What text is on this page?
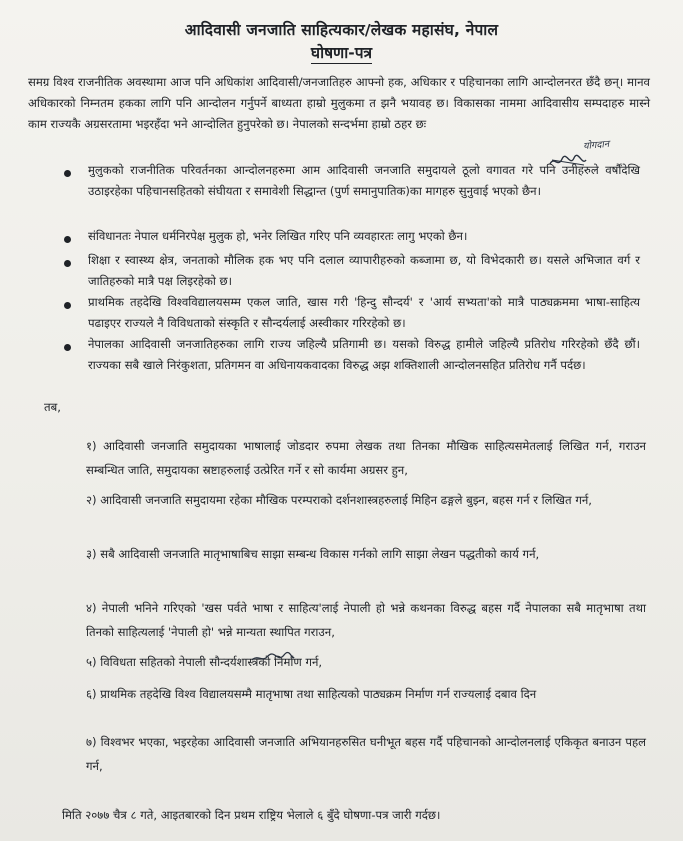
आदिवासी जनजाति साहित्यकार/लेखक महासंघ, नेपाल
घोषणा-पत्र
समग्र विश्व राजनीतिक अवस्थामा आज पनि अधिकांश आदिवासी/जनजातिहरु आफ्नो हक, अधिकार र पहिचानका लागि आन्दोलनरत छँदै छन्। मानव अधिकारको निम्नतम हकका लागि पनि आन्दोलन गर्नुपर्ने बाध्यता हाम्रो मुलुकमा त झनै भयावह छ। विकासका नाममा आदिवासीय सम्पदाहरु मास्ने काम राज्यकै अग्रसरतामा भइरहँदा भने आन्दोलित हुनुपरेको छ। नेपालको सन्दर्भमा हाम्रो ठहर छः
योगदान
मुलुकको राजनीतिक परिवर्तनका आन्दोलनहरुमा आम आदिवासी जनजाति समुदायले ठूलो वगावत गरे पनि उनीहरुले वर्षौंदेखि उठाइरहेका पहिचानसहितको संघीयता र समावेशी सिद्धान्त (पुर्ण समानुपातिक)का मागहरु सुनुवाई भएको छैन।
संविधानतः नेपाल धर्मनिरपेक्ष मुलुक हो, भनेर लिखित गरिए पनि व्यवहारतः लागु भएको छैन।
शिक्षा र स्वास्थ्य क्षेत्र, जनताको मौलिक हक भए पनि दलाल व्यापारीहरुको कब्जामा छ, यो विभेदकारी छ। यसले अभिजात वर्ग र जातिहरुको मात्रै पक्ष लिइरहेको छ।
प्राथमिक तहदेखि विश्वविद्यालयसम्म एकल जाति, खास गरी 'हिन्दु सौन्दर्य' र 'आर्य सभ्यता'को मात्रै पाठ्यक्रममा भाषा-साहित्य पढाइएर राज्यले नै विविधताको संस्कृति र सौन्दर्यलाई अस्वीकार गरिरहेको छ।
नेपालका आदिवासी जनजातिहरुका लागि राज्य जहिल्यै प्रतिगामी छ। यसको विरुद्ध हामीले जहिल्यै प्रतिरोध गरिरहेको छँदै छौं। राज्यका सबै खाले निरंकुशता, प्रतिगमन वा अधिनायकवादका विरुद्ध अझ शक्तिशाली आन्दोलनसहित प्रतिरोध गर्नै पर्दछ।
तब,
१) आदिवासी जनजाति समुदायका भाषालाई जोडदार रुपमा लेखक तथा तिनका मौखिक साहित्यसमेतलाई लिखित गर्न, गराउन सम्बन्धित जाति, समुदायका स्रष्टाहरुलाई उत्प्रेरित गर्ने र सो कार्यमा अग्रसर हुन,
२) आदिवासी जनजाति समुदायमा रहेका मौखिक परम्पराको दर्शनशास्त्रहरुलाई मिहिन ढङ्गले बुझ्न, बहस गर्न र लिखित गर्न,
३) सबै आदिवासी जनजाति मातृभाषाबिच साझा सम्बन्ध विकास गर्नको लागि साझा लेखन पद्धतीको कार्य गर्न,
४) नेपाली भनिने गरिएको 'खस पर्वते भाषा र साहित्य'लाई नेपाली हो भन्ने कथनका विरुद्ध बहस गर्दै नेपालका सबै मातृभाषा तथा तिनको साहित्यलाई 'नेपाली हो' भन्ने मान्यता स्थापित गराउन,
५) विविधता सहितको नेपाली सौन्दर्यशास्त्रको निर्माण गर्न,
६) प्राथमिक तहदेखि विश्व विद्यालयसम्मै मातृभाषा तथा साहित्यको पाठ्यक्रम निर्माण गर्न राज्यलाई दबाव दिन
७) विश्वभर भएका, भइरहेका आदिवासी जनजाति अभियानहरुसित घनीभूत बहस गर्दै पहिचानको आन्दोलनलाई एकिकृत बनाउन पहल गर्न,
मिति २०७७ चैत्र ८ गते, आइतबारको दिन प्रथम राष्ट्रिय भेलाले ६ बुँदे घोषणा-पत्र जारी गर्दछ।
